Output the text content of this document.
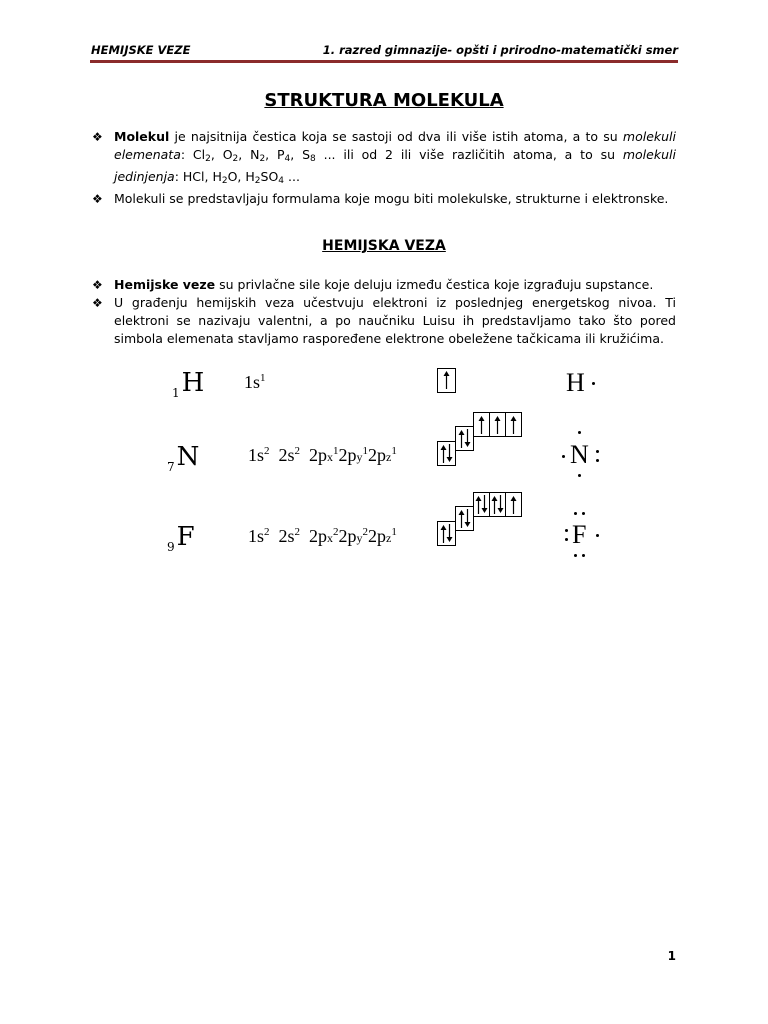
HEMIJSKE VEZE	1. razred gimnazije- opšti i prirodno-matematički smer
STRUKTURA MOLEKULA
❖ Molekul je najsitnija čestica koja se sastoji od dva ili više istih atoma, a to su molekuli elemenata: $Cl_2$, $O_2$, $N_2$, $P_4$, $S_8$ ... ili od 2 ili više različitih atoma, a to su molekuli jedinjenja: HCl, $H_2O$, $H_2SO_4$ ...
❖ Molekuli se predstavljaju formulama koje mogu biti molekulske, strukturne i elektronske.
HEMIJSKA VEZA
❖ Hemijske veze su privlačne sile koje deluju između čestica koje izgrađuju supstance.
❖ U građenju hemijskih veza učestvuju elektroni iz poslednjeg energetskog nivoa. Ti elektroni se nazivaju valentni, a po naučniku Luisu ih predstavljamo tako što pored simbola elemenata stavljamo raspoređene elektrone obeležene tačkicama ili kružićima.
$_1$H $1s^1$	H
$_7$N	$1s^2$ $2s^2$ $2px^12py^12pz^1$	N
$_9$F	$1s^2$ $2s^2$ $2px^22py^22pz^1$	F
1
